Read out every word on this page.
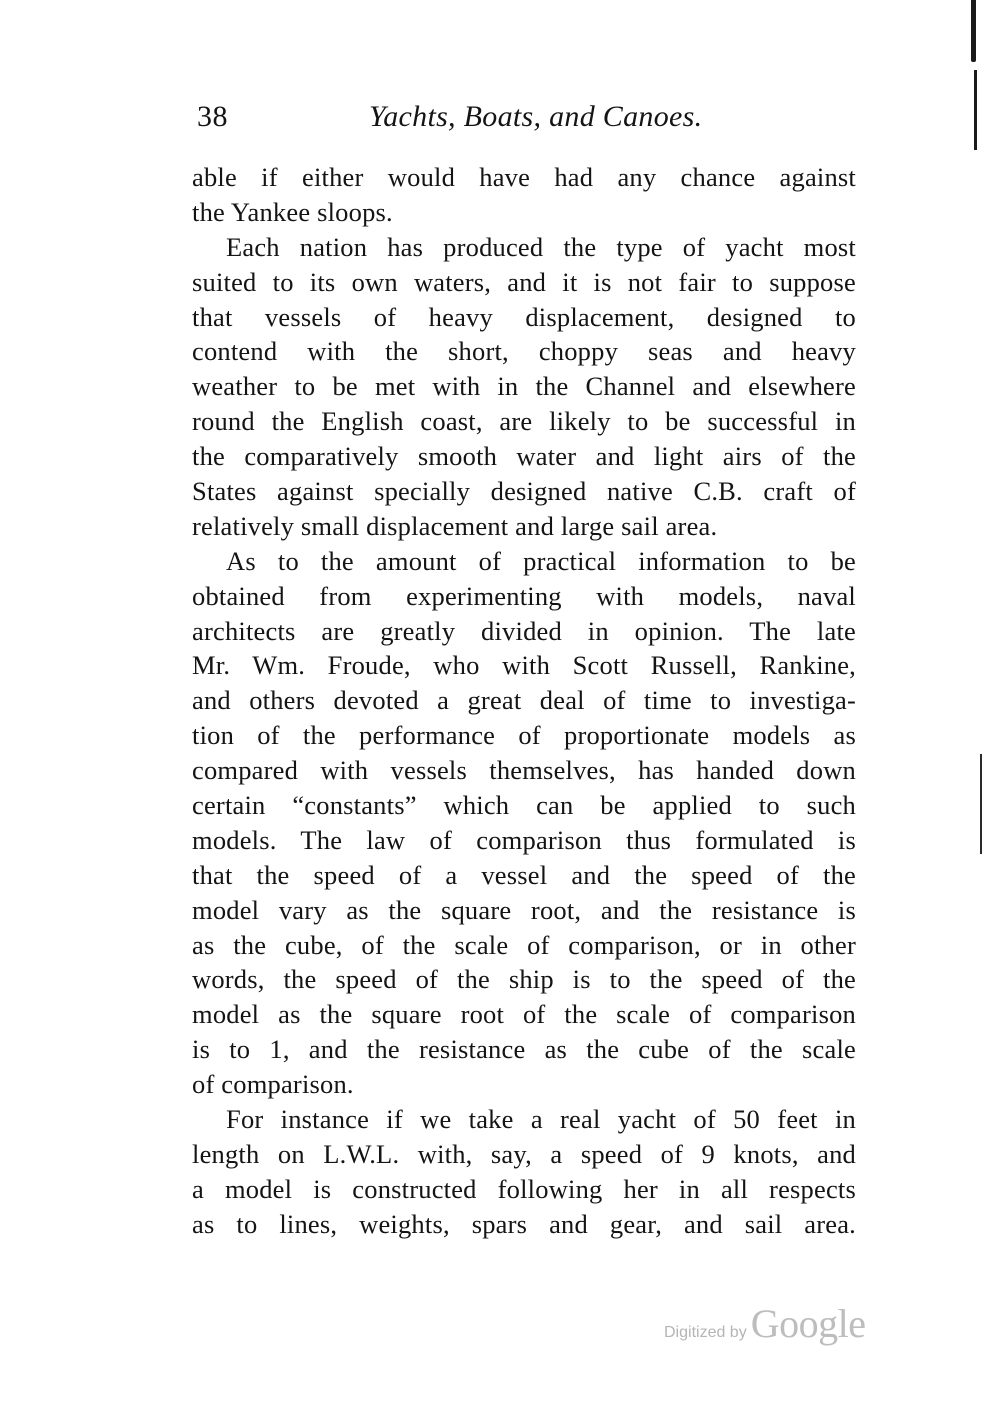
38	Yachts, Boats, and Canoes.
able if either would have had any chance against
the Yankee sloops.
Each nation has produced the type of yacht most
suited to its own waters, and it is not fair to suppose
that vessels of heavy displacement, designed to
contend with the short, choppy seas and heavy
weather to be met with in the Channel and elsewhere
round the English coast, are likely to be successful in
the comparatively smooth water and light airs of the
States against specially designed native C.B. craft of
relatively small displacement and large sail area.
As to the amount of practical information to be
obtained from experimenting with models, naval
architects are greatly divided in opinion. The late
Mr. Wm. Froude, who with Scott Russell, Rankine,
and others devoted a great deal of time to investiga-
tion of the performance of proportionate models as
compared with vessels themselves, has handed down
certain “constants” which can be applied to such
models. The law of comparison thus formulated is
that the speed of a vessel and the speed of the
model vary as the square root, and the resistance is
as the cube, of the scale of comparison, or in other
words, the speed of the ship is to the speed of the
model as the square root of the scale of comparison
is to 1, and the resistance as the cube of the scale
of comparison.
For instance if we take a real yacht of 50 feet in
length on L.W.L. with, say, a speed of 9 knots, and
a model is constructed following her in all respects
as to lines, weights, spars and gear, and sail area.
Digitized by Google
